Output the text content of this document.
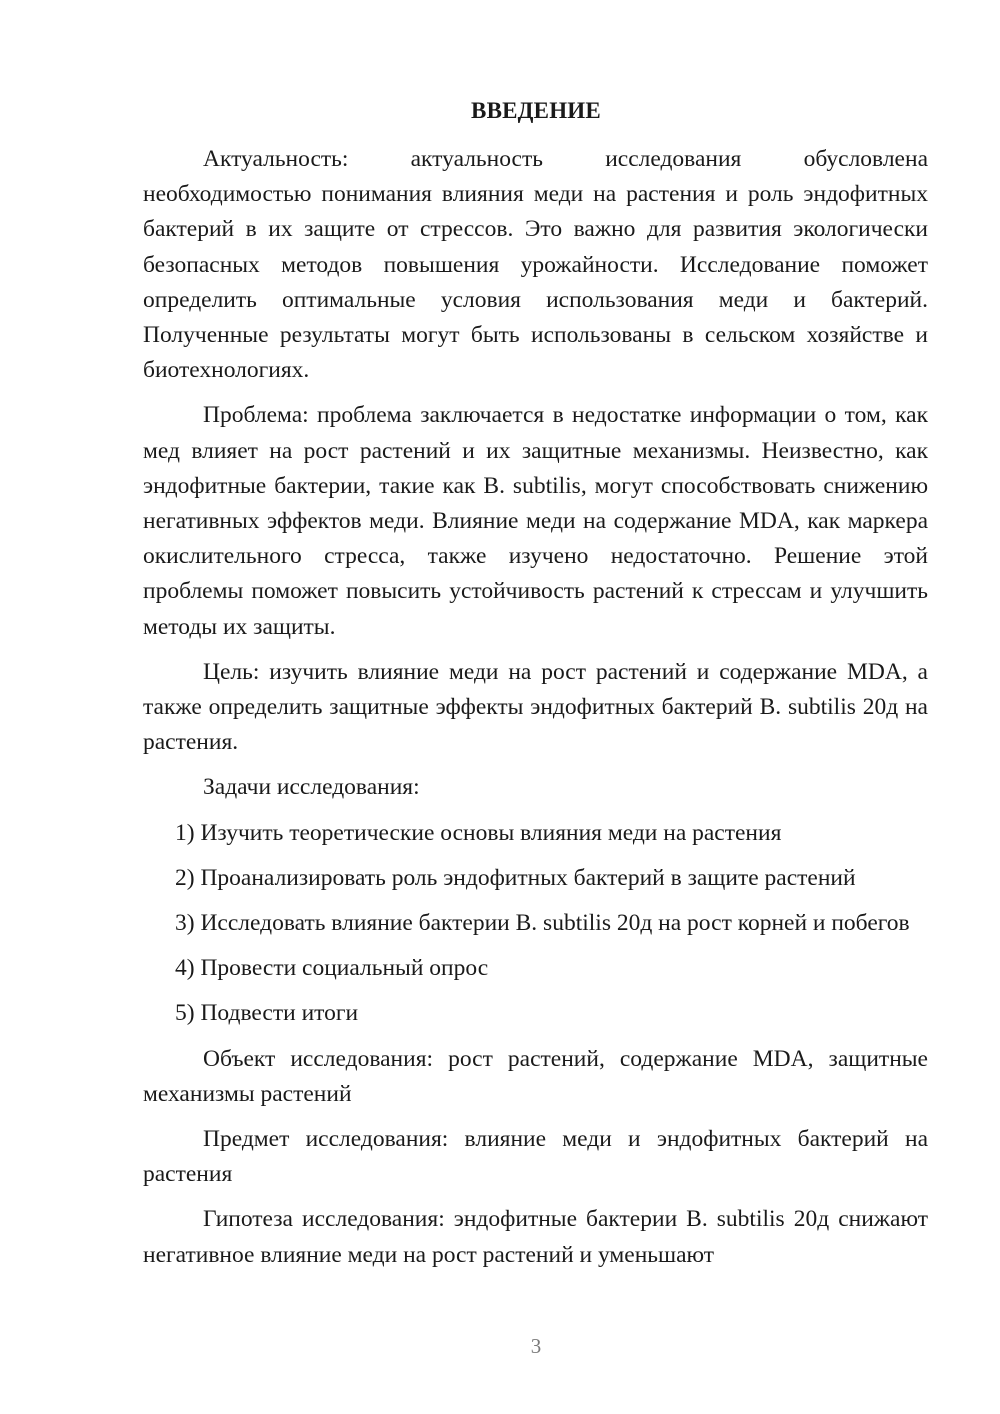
ВВЕДЕНИЕ

Актуальность: актуальность исследования обусловлена необходимостью понимания влияния меди на растения и роль эндофитных бактерий в их защите от стрессов. Это важно для развития экологически безопасных методов повышения урожайности. Исследование поможет определить оптимальные условия использования меди и бактерий. Полученные результаты могут быть использованы в сельском хозяйстве и биотехнологиях.

Проблема: проблема заключается в недостатке информации о том, как мед влияет на рост растений и их защитные механизмы. Неизвестно, как эндофитные бактерии, такие как B. subtilis, могут способствовать снижению негативных эффектов меди. Влияние меди на содержание MDA, как маркера окислительного стресса, также изучено недостаточно. Решение этой проблемы поможет повысить устойчивость растений к стрессам и улучшить методы их защиты.

Цель: изучить влияние меди на рост растений и содержание MDA, а также определить защитные эффекты эндофитных бактерий B. subtilis 20д на растения.

Задачи исследования:

1) Изучить теоретические основы влияния меди на растения

2) Проанализировать роль эндофитных бактерий в защите растений

3) Исследовать влияние бактерии B. subtilis 20д на рост корней и побегов

4) Провести социальный опрос

5) Подвести итоги

Объект исследования: рост растений, содержание MDA, защитные механизмы растений

Предмет исследования: влияние меди и эндофитных бактерий на растения

Гипотеза исследования: эндофитные бактерии B. subtilis 20д снижают негативное влияние меди на рост растений и уменьшают

3
